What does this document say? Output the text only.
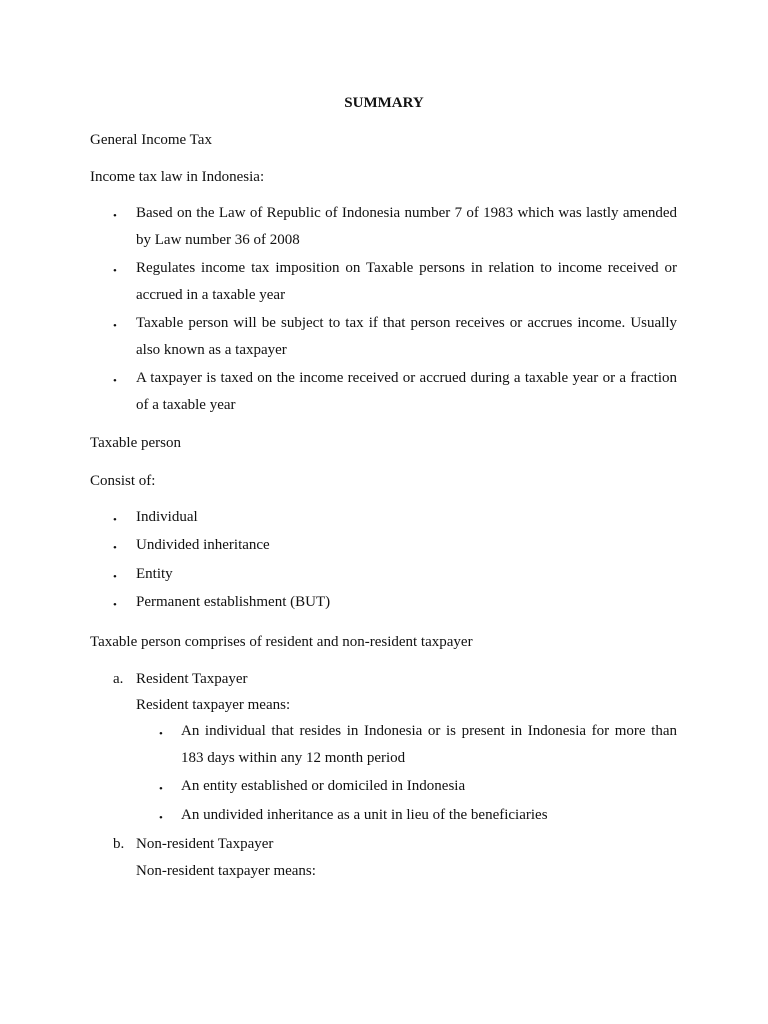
SUMMARY
General Income Tax
Income tax law in Indonesia:
• Based on the Law of Republic of Indonesia number 7 of 1983 which was lastly amended by Law number 36 of 2008
• Regulates income tax imposition on Taxable persons in relation to income received or accrued in a taxable year
• Taxable person will be subject to tax if that person receives or accrues income. Usually also known as a taxpayer
• A taxpayer is taxed on the income received or accrued during a taxable year or a fraction of a taxable year
Taxable person
Consist of:
• Individual
• Undivided inheritance
• Entity
• Permanent establishment (BUT)
Taxable person comprises of resident and non-resident taxpayer
a. Resident Taxpayer
Resident taxpayer means:
• An individual that resides in Indonesia or is present in Indonesia for more than 183 days within any 12 month period
• An entity established or domiciled in Indonesia
• An undivided inheritance as a unit in lieu of the beneficiaries
b. Non-resident Taxpayer
Non-resident taxpayer means:
